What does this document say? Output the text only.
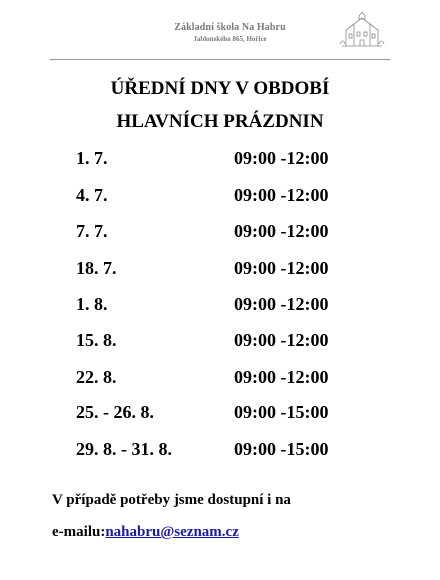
Základní škola Na Habru
Jablonského 865, Hořice
ÚŘEDNÍ DNY V OBDOBÍ
HLAVNÍCH PRÁZDNIN
1. 7.	09:00 -12:00
4. 7.	09:00 -12:00
7. 7.	09:00 -12:00
18. 7.	09:00 -12:00
1. 8.	09:00 -12:00
15. 8.	09:00 -12:00
22. 8.	09:00 -12:00
25. - 26. 8.	09:00 -15:00
29. 8. - 31. 8.	09:00 -15:00
V případě potřeby jsme dostupní i na
e-mailu:nahabru@seznam.cz
